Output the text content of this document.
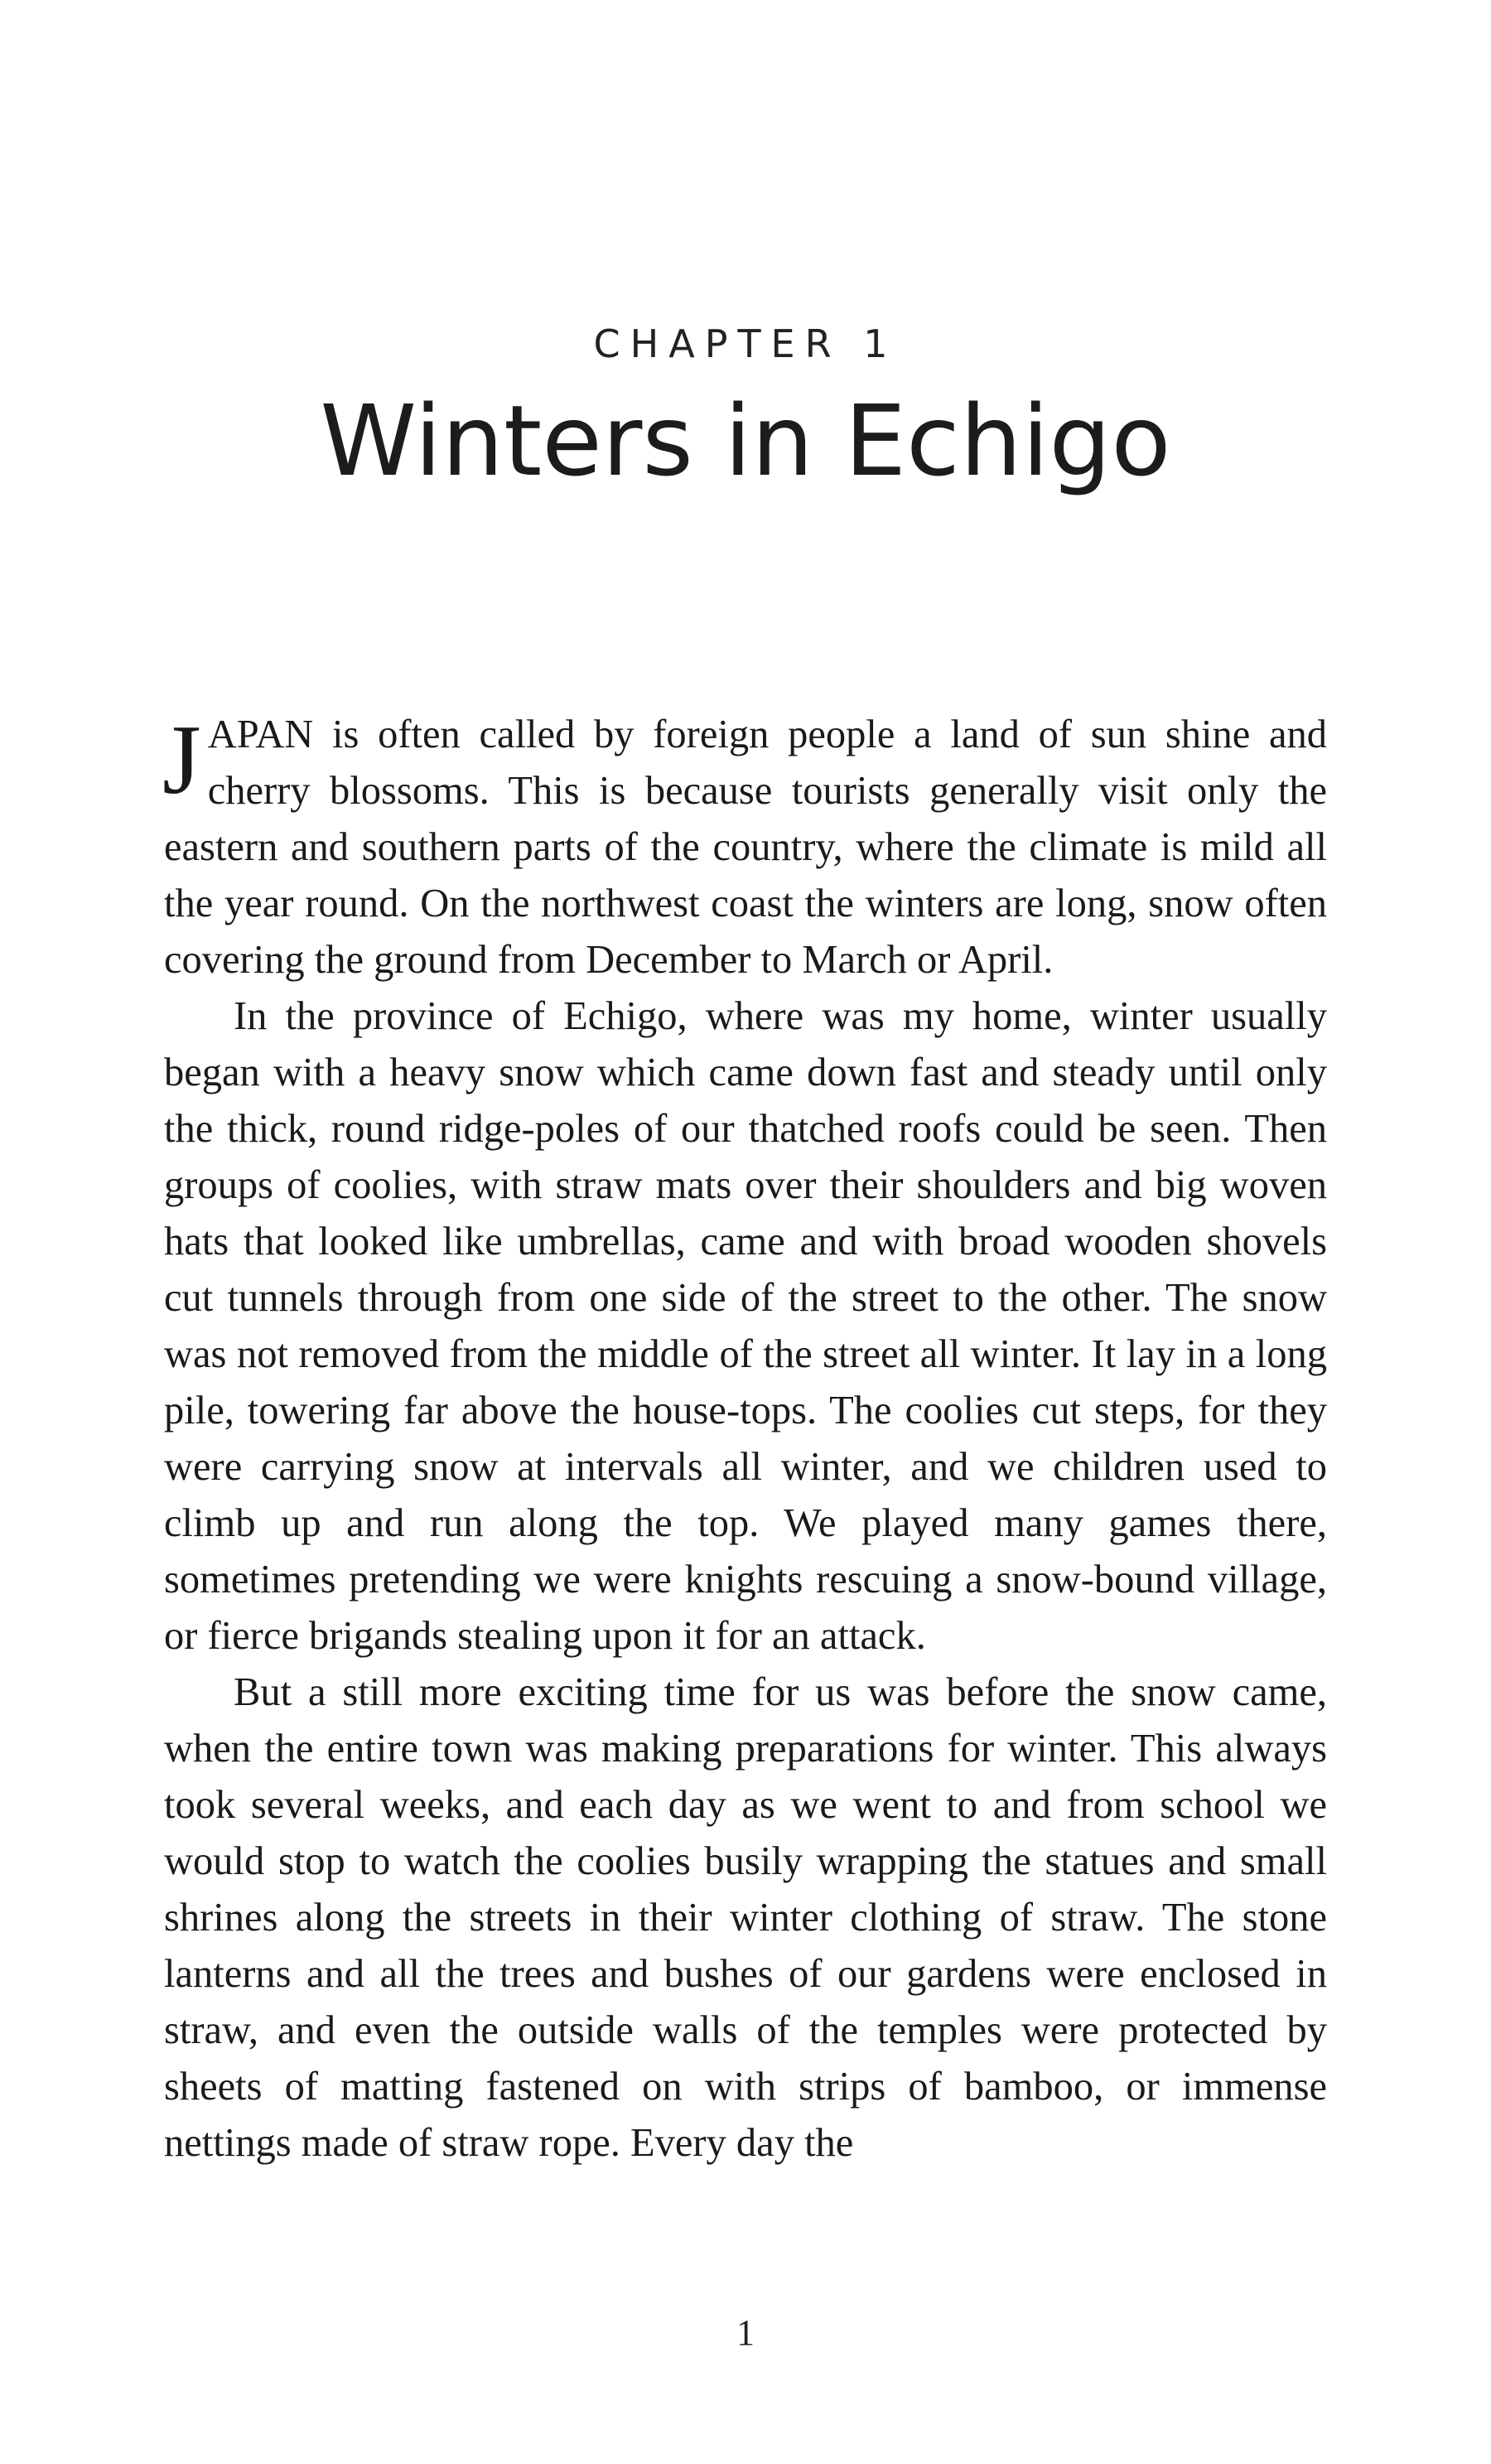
CHAPTER 1
Winters in Echigo

JAPAN is often called by foreign people a land of sun shine and cherry blossoms. This is because tourists generally visit only the eastern and southern parts of the country, where the climate is mild all the year round. On the northwest coast the winters are long, snow often covering the ground from December to March or April.

In the province of Echigo, where was my home, winter usually began with a heavy snow which came down fast and steady until only the thick, round ridge-poles of our thatched roofs could be seen. Then groups of coolies, with straw mats over their shoulders and big woven hats that looked like umbrellas, came and with broad wooden shovels cut tunnels through from one side of the street to the other. The snow was not removed from the middle of the street all winter. It lay in a long pile, towering far above the house-tops. The coolies cut steps, for they were carrying snow at intervals all winter, and we children used to climb up and run along the top. We played many games there, sometimes pretending we were knights rescuing a snow-bound village, or fierce brigands stealing upon it for an attack.

But a still more exciting time for us was before the snow came, when the entire town was making preparations for winter. This always took several weeks, and each day as we went to and from school we would stop to watch the coolies busily wrapping the statues and small shrines along the streets in their winter clothing of straw. The stone lanterns and all the trees and bushes of our gardens were enclosed in straw, and even the outside walls of the temples were protected by sheets of matting fastened on with strips of bamboo, or immense nettings made of straw rope. Every day the

1
